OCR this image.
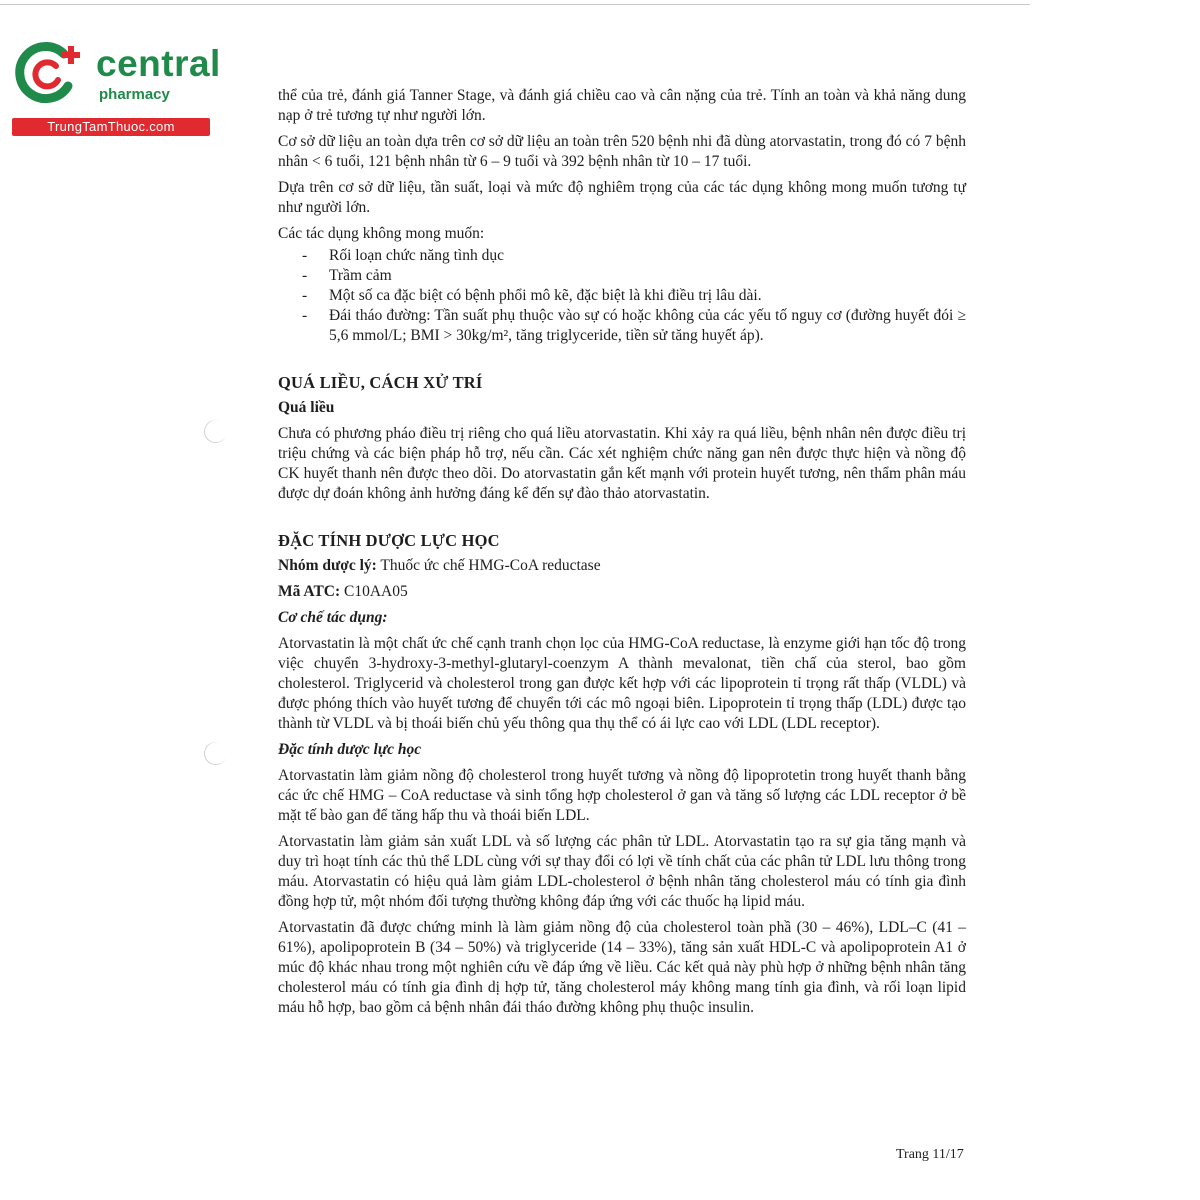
central
pharmacy
TrungTamThuoc.com

thể của trẻ, đánh giá Tanner Stage, và đánh giá chiều cao và cân nặng của trẻ. Tính an toàn và khả năng dung nạp ở trẻ tương tự như người lớn.

Cơ sở dữ liệu an toàn dựa trên cơ sở dữ liệu an toàn trên 520 bệnh nhi đã dùng atorvastatin, trong đó có 7 bệnh nhân < 6 tuổi, 121 bệnh nhân từ 6 – 9 tuổi và 392 bệnh nhân từ 10 – 17 tuổi.

Dựa trên cơ sở dữ liệu, tần suất, loại và mức độ nghiêm trọng của các tác dụng không mong muốn tương tự như người lớn.

Các tác dụng không mong muốn:

- Rối loạn chức năng tình dục
- Trầm cảm
- Một số ca đặc biệt có bệnh phổi mô kẽ, đặc biệt là khi điều trị lâu dài.
- Đái tháo đường: Tần suất phụ thuộc vào sự có hoặc không của các yếu tố nguy cơ (đường huyết đói ≥ 5,6 mmol/L; BMI > 30kg/m², tăng triglyceride, tiền sử tăng huyết áp).
QUÁ LIỀU, CÁCH XỬ TRÍ

Quá liều

Chưa có phương pháo điều trị riêng cho quá liều atorvastatin. Khi xảy ra quá liều, bệnh nhân nên được điều trị triệu chứng và các biện pháp hỗ trợ, nếu cần. Các xét nghiệm chức năng gan nên được thực hiện và nồng độ CK huyết thanh nên được theo dõi. Do atorvastatin gắn kết mạnh với protein huyết tương, nên thẩm phân máu được dự đoán không ảnh hưởng đáng kể đến sự đào thảo atorvastatin.

ĐẶC TÍNH DƯỢC LỰC HỌC

Nhóm dược lý: Thuốc ức chế HMG-CoA reductase

Mã ATC: C10AA05

Cơ chế tác dụng:

Atorvastatin là một chất ức chế cạnh tranh chọn lọc của HMG-CoA reductase, là enzyme giới hạn tốc độ trong việc chuyển 3-hydroxy-3-methyl-glutaryl-coenzym A thành mevalonat, tiền chấ của sterol, bao gồm cholesterol. Triglycerid và cholesterol trong gan được kết hợp với các lipoprotein tỉ trọng rất thấp (VLDL) và được phóng thích vào huyết tương để chuyển tới các mô ngoại biên. Lipoprotein tỉ trọng thấp (LDL) được tạo thành từ VLDL và bị thoái biến chủ yếu thông qua thụ thể có ái lực cao với LDL (LDL receptor).

Đặc tính dược lực học

Atorvastatin làm giảm nồng độ cholesterol trong huyết tương và nồng độ lipoprotetin trong huyết thanh bằng các ức chế HMG – CoA reductase và sinh tổng hợp cholesterol ở gan và tăng số lượng các LDL receptor ở bề mặt tế bào gan để tăng hấp thu và thoái biến LDL.

Atorvastatin làm giảm sản xuất LDL và số lượng các phân tử LDL. Atorvastatin tạo ra sự gia tăng mạnh và duy trì hoạt tính các thủ thể LDL cùng với sự thay đổi có lợi về tính chất của các phân tử LDL lưu thông trong máu. Atorvastatin có hiệu quả làm giảm LDL-cholesterol ở bệnh nhân tăng cholesterol máu có tính gia đình đồng hợp tử, một nhóm đối tượng thường không đáp ứng với các thuốc hạ lipid máu.

Atorvastatin đã được chứng minh là làm giảm nồng độ của cholesterol toàn phầ (30 – 46%), LDL–C (41 – 61%), apolipoprotein B (34 – 50%) và triglyceride (14 – 33%), tăng sản xuất HDL-C và apolipoprotein A1 ở múc độ khác nhau trong một nghiên cứu về đáp ứng về liều. Các kết quả này phù hợp ở những bệnh nhân tăng cholesterol máu có tính gia đình dị hợp tử, tăng cholesterol máy không mang tính gia đình, và rối loạn lipid máu hỗ hợp, bao gồm cả bệnh nhân đái tháo đường không phụ thuộc insulin.

Trang 11/17
